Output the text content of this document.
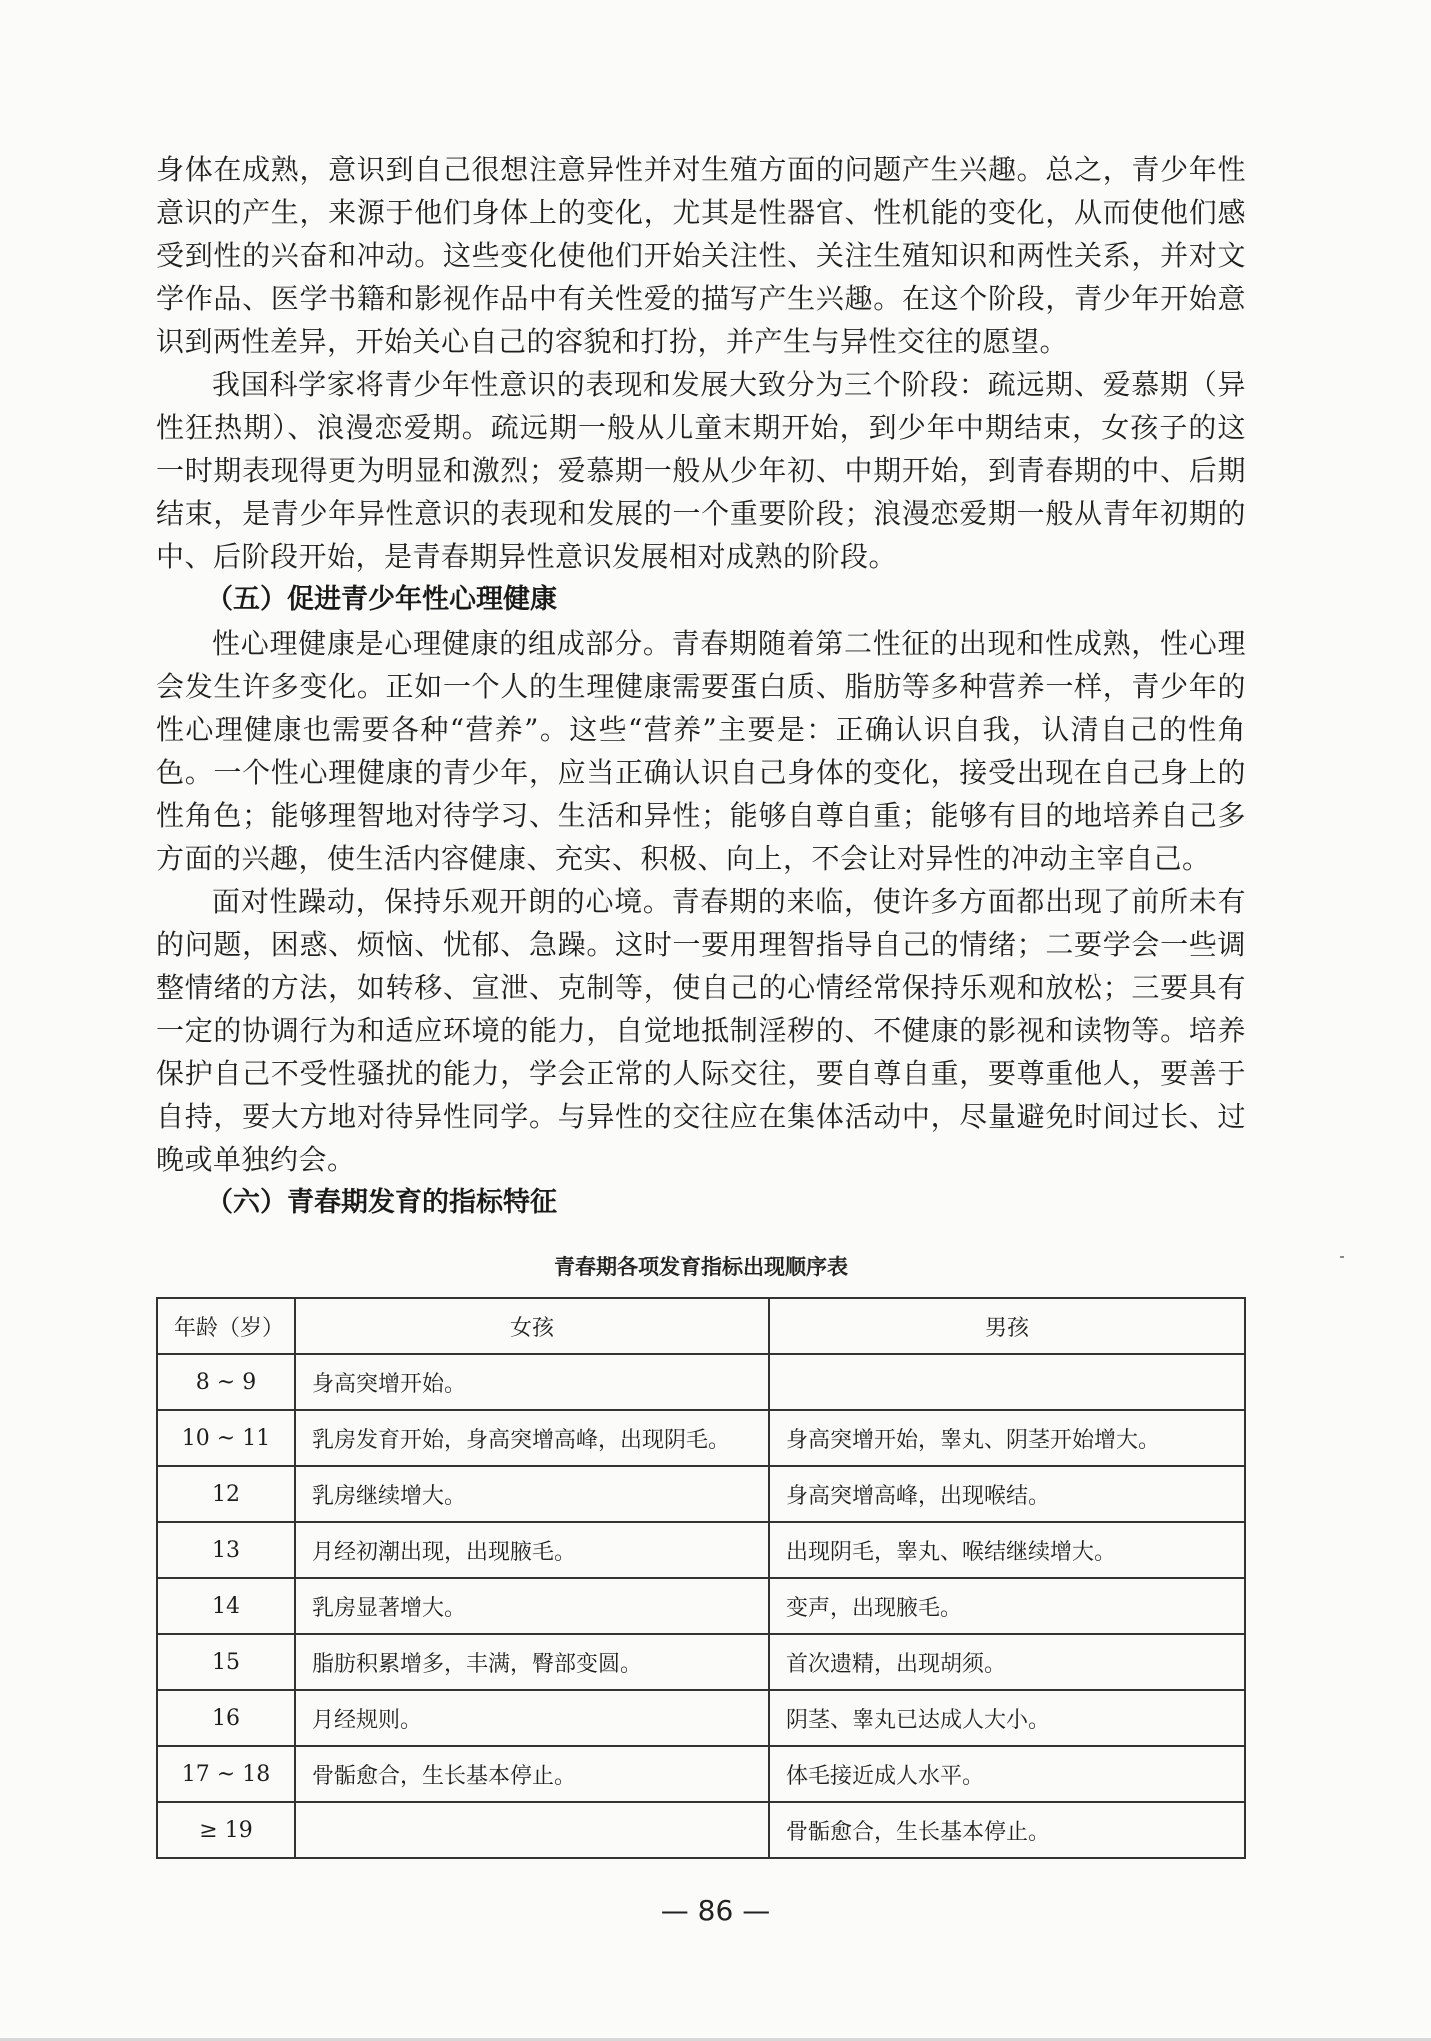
身体在成熟，意识到自己很想注意异性并对生殖方面的问题产生兴趣。总之，青少年性意识的产生，来源于他们身体上的变化，尤其是性器官、性机能的变化，从而使他们感受到性的兴奋和冲动。这些变化使他们开始关注性、关注生殖知识和两性关系，并对文学作品、医学书籍和影视作品中有关性爱的描写产生兴趣。在这个阶段，青少年开始意识到两性差异，开始关心自己的容貌和打扮，并产生与异性交往的愿望。

我国科学家将青少年性意识的表现和发展大致分为三个阶段：疏远期、爱慕期（异性狂热期）、浪漫恋爱期。疏远期一般从儿童末期开始，到少年中期结束，女孩子的这一时期表现得更为明显和激烈；爱慕期一般从少年初、中期开始，到青春期的中、后期结束，是青少年异性意识的表现和发展的一个重要阶段；浪漫恋爱期一般从青年初期的中、后阶段开始，是青春期异性意识发展相对成熟的阶段。

（五）促进青少年性心理健康

性心理健康是心理健康的组成部分。青春期随着第二性征的出现和性成熟，性心理会发生许多变化。正如一个人的生理健康需要蛋白质、脂肪等多种营养一样，青少年的性心理健康也需要各种“营养”。这些“营养”主要是：正确认识自我，认清自己的性角色。一个性心理健康的青少年，应当正确认识自己身体的变化，接受出现在自己身上的性角色；能够理智地对待学习、生活和异性；能够自尊自重；能够有目的地培养自己多方面的兴趣，使生活内容健康、充实、积极、向上，不会让对异性的冲动主宰自己。

面对性躁动，保持乐观开朗的心境。青春期的来临，使许多方面都出现了前所未有的问题，困惑、烦恼、忧郁、急躁。这时一要用理智指导自己的情绪；二要学会一些调整情绪的方法，如转移、宣泄、克制等，使自己的心情经常保持乐观和放松；三要具有一定的协调行为和适应环境的能力，自觉地抵制淫秽的、不健康的影视和读物等。培养保护自己不受性骚扰的能力，学会正常的人际交往，要自尊自重，要尊重他人，要善于自持，要大方地对待异性同学。与异性的交往应在集体活动中，尽量避免时间过长、过晚或单独约会。

（六）青春期发育的指标特征

青春期各项发育指标出现顺序表
年龄（岁）	女孩	男孩
8 ~ 9	身高突增开始。	
10 ~ 11	乳房发育开始，身高突增高峰，出现阴毛。	身高突增开始，睾丸、阴茎开始增大。
12	乳房继续增大。	身高突增高峰，出现喉结。
13	月经初潮出现，出现腋毛。	出现阴毛，睾丸、喉结继续增大。
14	乳房显著增大。	变声，出现腋毛。
15	脂肪积累增多，丰满，臀部变圆。	首次遗精，出现胡须。
16	月经规则。	阴茎、睾丸已达成人大小。
17 ~ 18	骨骺愈合，生长基本停止。	体毛接近成人水平。
≥ 19		骨骺愈合，生长基本停止。
— 86 —
